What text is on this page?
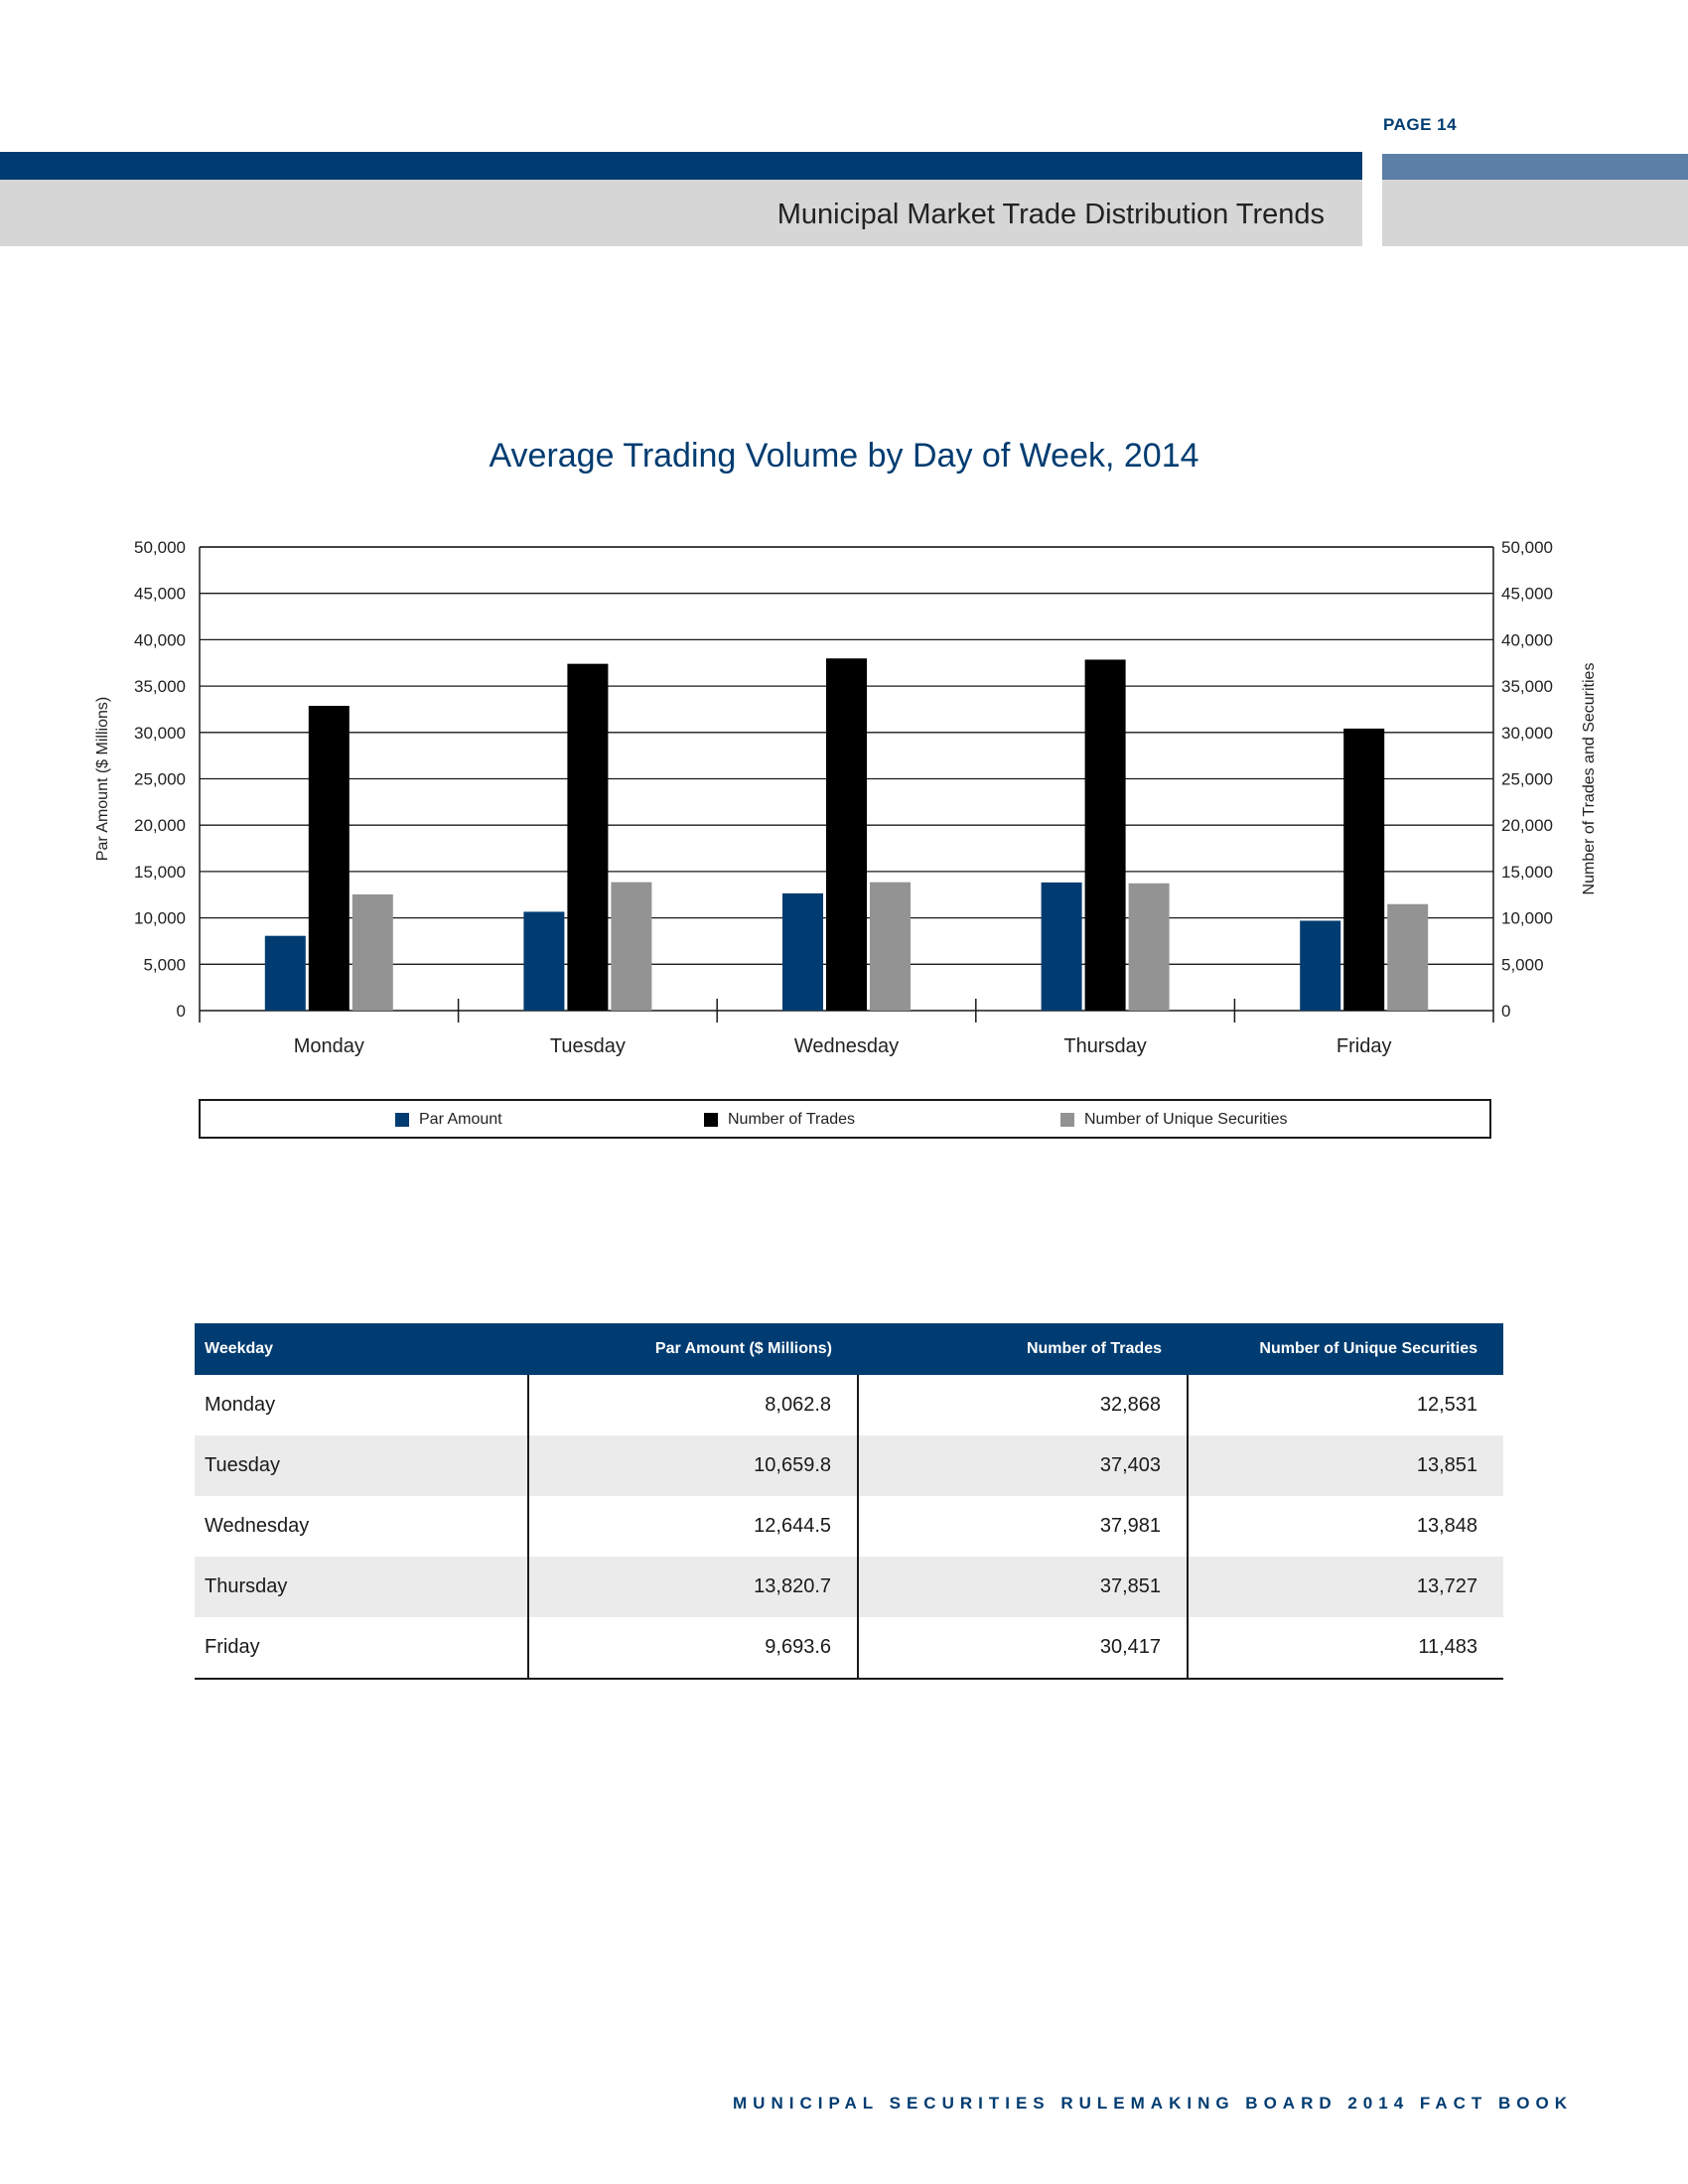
PAGE 14
Municipal Market Trade Distribution Trends
Average Trading Volume by Day of Week, 2014
0	0
5,000	5,000
10,000	10,000
15,000	15,000
20,000	20,000
25,000	25,000
30,000	30,000
35,000	35,000
40,000	40,000
45,000	45,000
50,000	50,000
Monday	Tuesday	Wednesday	Thursday	Friday
Par Amount ($ Millions)	Number of Trades and Securities
Par Amount	Number of Trades	Number of Unique Securities
Weekday	Par Amount ($ Millions)	Number of Trades	Number of Unique Securities
Monday	8,062.8	32,868	12,531
Tuesday	10,659.8	37,403	13,851
Wednesday	12,644.5	37,981	13,848
Thursday	13,820.7	37,851	13,727
Friday	9,693.6	30,417	11,483
MUNICIPAL SECURITIES RULEMAKING BOARD 2014 FACT BOOK
